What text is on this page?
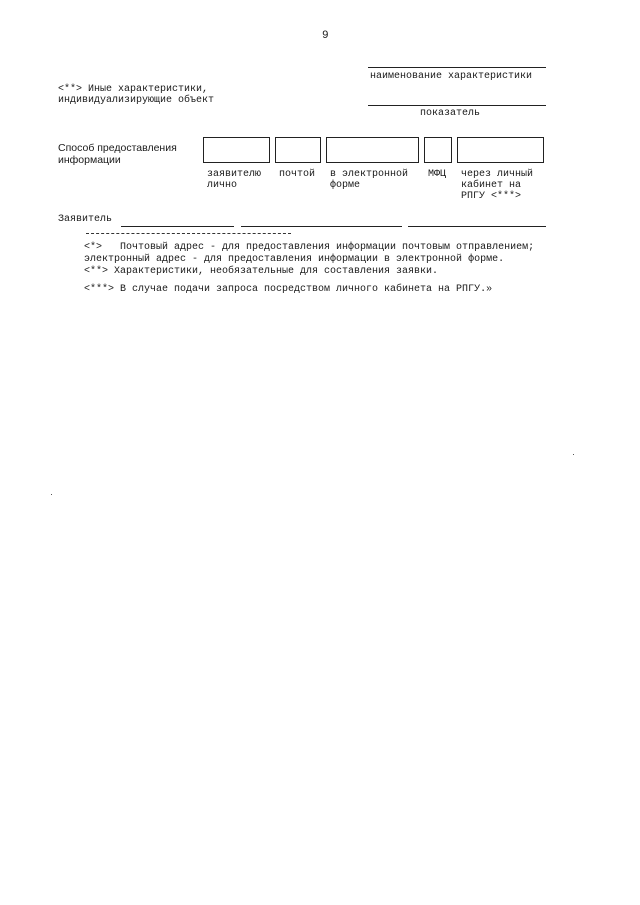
9
<**> Иные характеристики,
индивидуализирующие объект
наименование характеристики
показатель
Способ предоставления
информации
заявителю
лично
почтой в электронной
форме
МФЦ через личный
кабинет на
РПГУ <***>
Заявитель
<*>   Почтовый адрес - для предоставления информации почтовым отправлением;
электронный адрес - для предоставления информации в электронной форме.
<**> Характеристики, необязательные для составления заявки.
<***> В случае подачи запроса посредством личного кабинета на РПГУ.»
